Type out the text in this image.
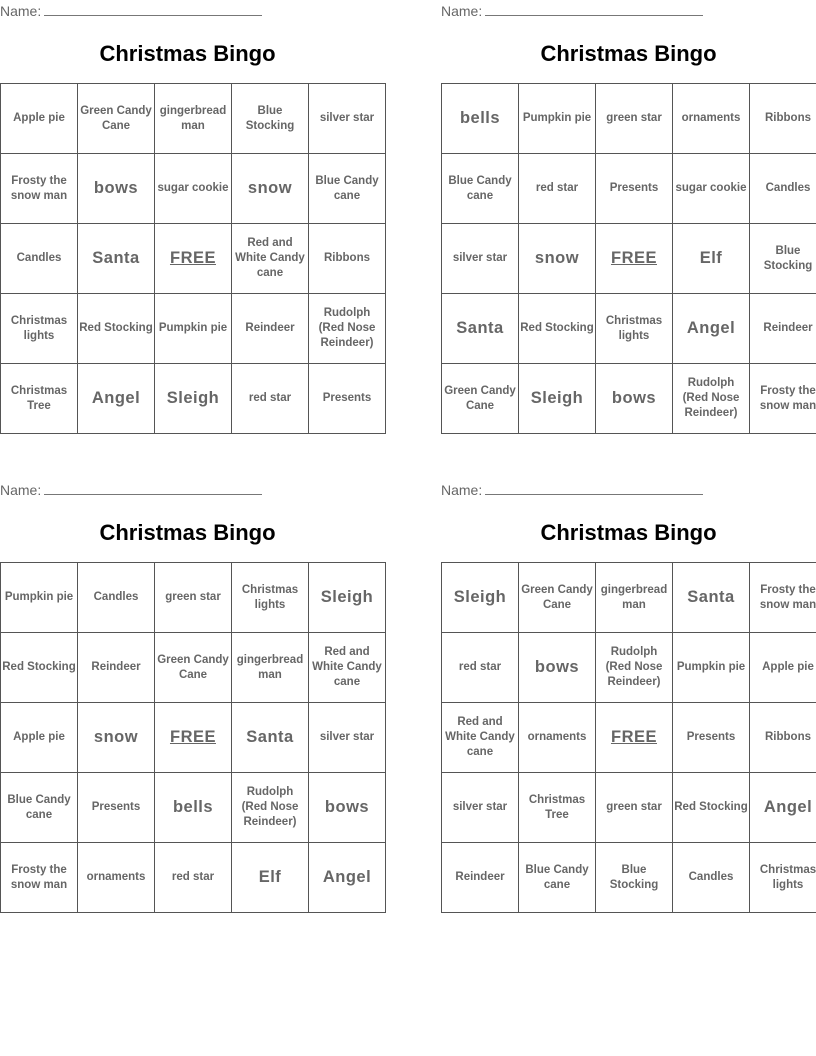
Name:
Christmas Bingo
Apple pie	Green Candy Cane	gingerbread man	Blue Stocking	silver star
Frosty the snow man	bows	sugar cookie	snow	Blue Candy cane
Candles	Santa	FREE	Red and White Candy cane	Ribbons
Christmas lights	Red Stocking	Pumpkin pie	Reindeer	Rudolph (Red Nose Reindeer)
Christmas Tree	Angel	Sleigh	red star	Presents
Name:
Christmas Bingo
bells	Pumpkin pie	green star	ornaments	Ribbons
Blue Candy cane	red star	Presents	sugar cookie	Candles
silver star	snow	FREE	Elf	Blue Stocking
Santa	Red Stocking	Christmas lights	Angel	Reindeer
Green Candy Cane	Sleigh	bows	Rudolph (Red Nose Reindeer)	Frosty the snow man
Name:
Christmas Bingo
Pumpkin pie	Candles	green star	Christmas lights	Sleigh
Red Stocking	Reindeer	Green Candy Cane	gingerbread man	Red and White Candy cane
Apple pie	snow	FREE	Santa	silver star
Blue Candy cane	Presents	bells	Rudolph (Red Nose Reindeer)	bows
Frosty the snow man	ornaments	red star	Elf	Angel
Name:
Christmas Bingo
Sleigh	Green Candy Cane	gingerbread man	Santa	Frosty the snow man
red star	bows	Rudolph (Red Nose Reindeer)	Pumpkin pie	Apple pie
Red and White Candy cane	ornaments	FREE	Presents	Ribbons
silver star	Christmas Tree	green star	Red Stocking	Angel
Reindeer	Blue Candy cane	Blue Stocking	Candles	Christmas lights
